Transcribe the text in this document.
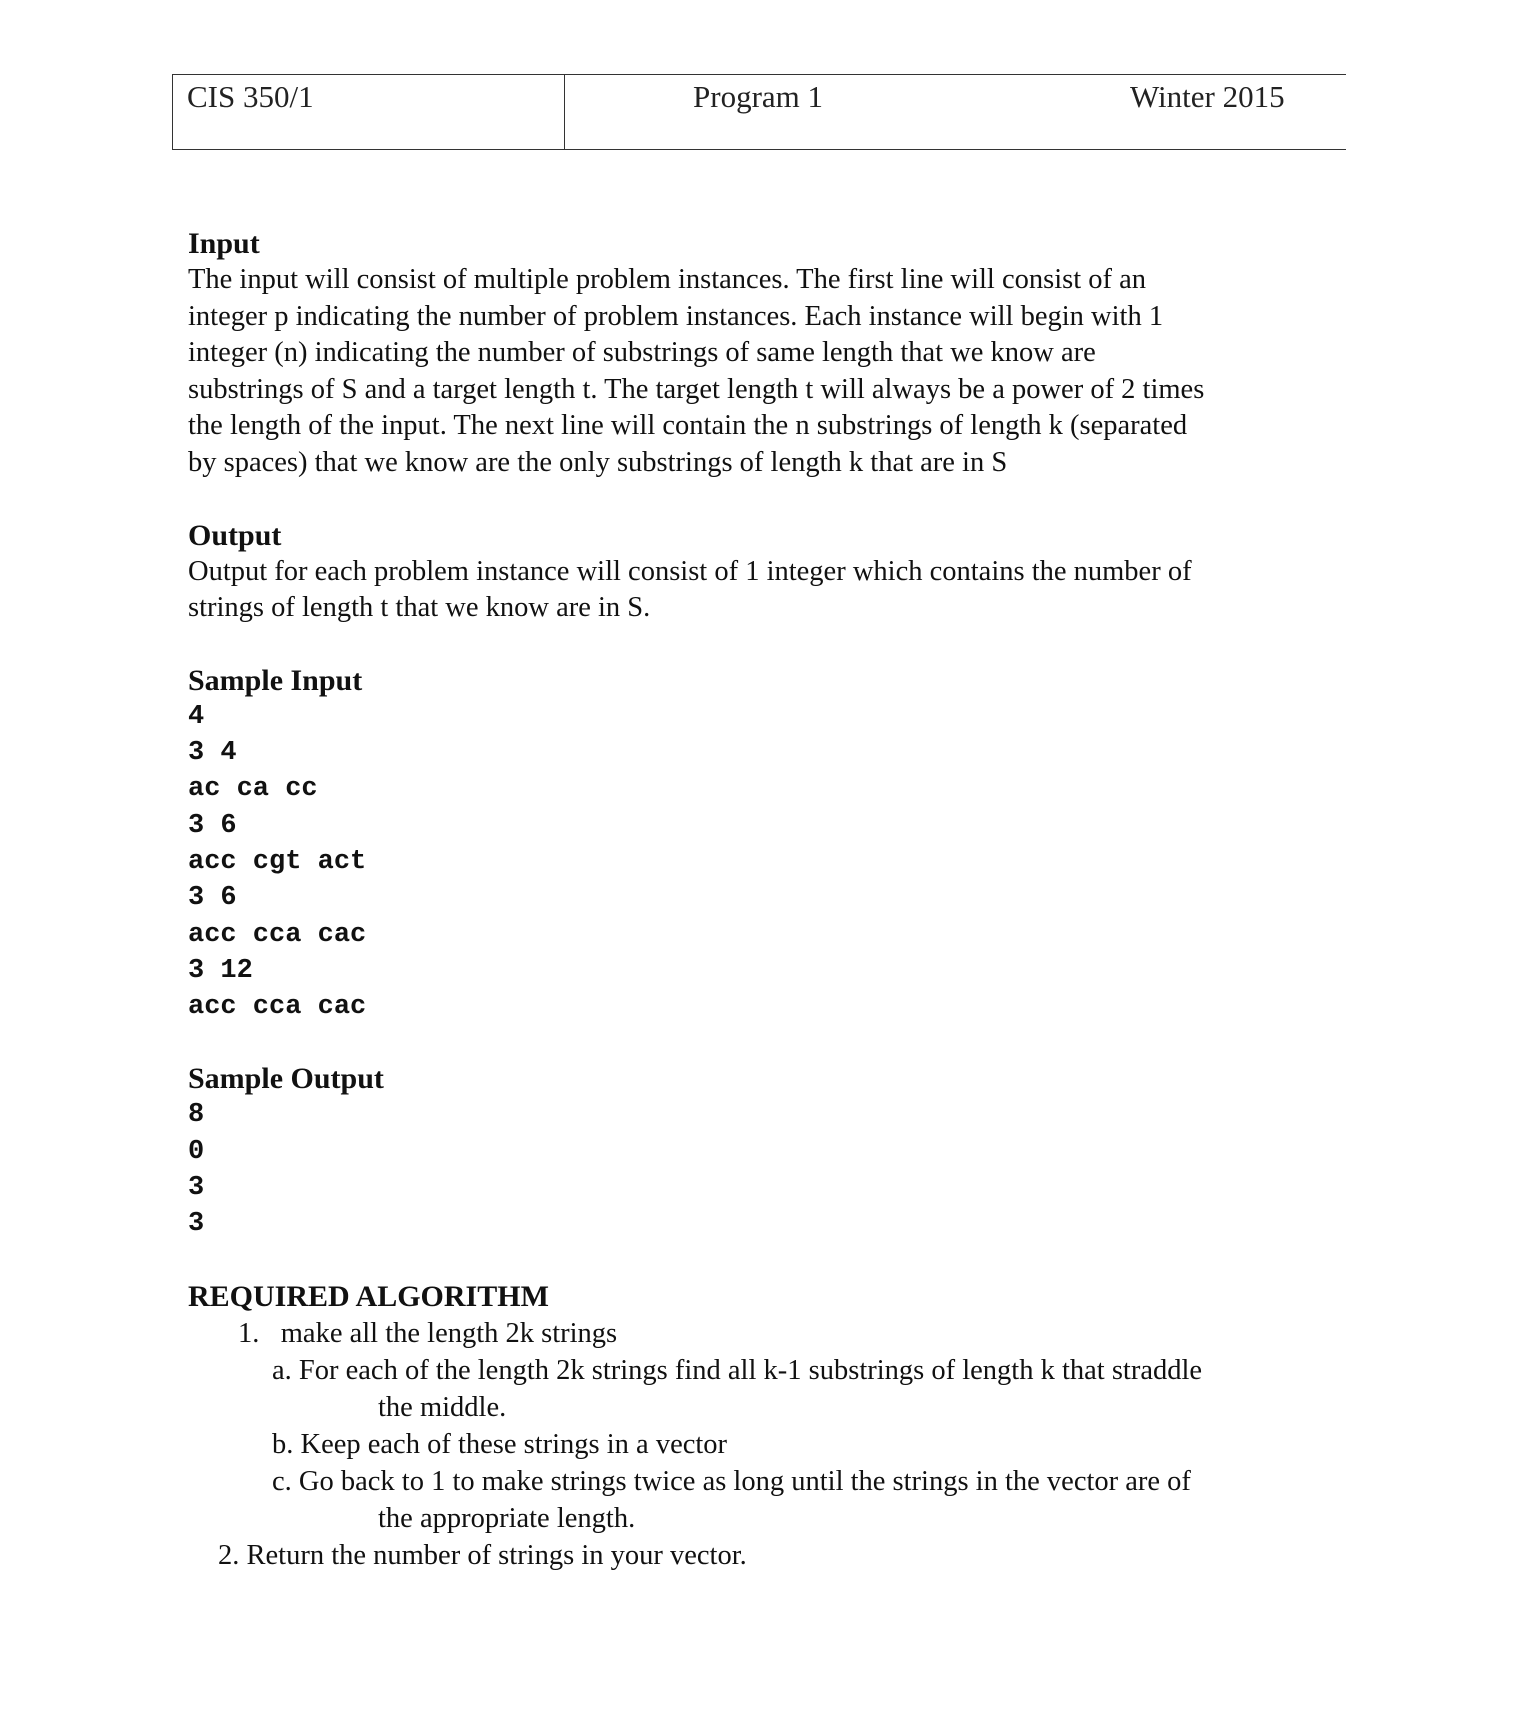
CIS 350/1	Program 1	Winter 2015

Input

The input will consist of multiple problem instances. The first line will consist of an

integer p indicating the number of problem instances. Each instance will begin with 1

integer (n) indicating the number of substrings of same length that we know are

substrings of S and a target length t. The target length t will always be a power of 2 times

the length of the input. The next line will contain the n substrings of length k (separated

by spaces) that we know are the only substrings of length k that are in S

Output

Output for each problem instance will consist of 1 integer which contains the number of

strings of length t that we know are in S.

Sample Input

4

3 4

ac ca cc

3 6

acc cgt act

3 6

acc cca cac

3 12

acc cca cac

Sample Output

8

0

3

3

REQUIRED ALGORITHM

1. make all the length 2k strings
a. For each of the length 2k strings find all k-1 substrings of length k that straddle
the middle.
b. Keep each of these strings in a vector
c. Go back to 1 to make strings twice as long until the strings in the vector are of
the appropriate length.
2. Return the number of strings in your vector.
